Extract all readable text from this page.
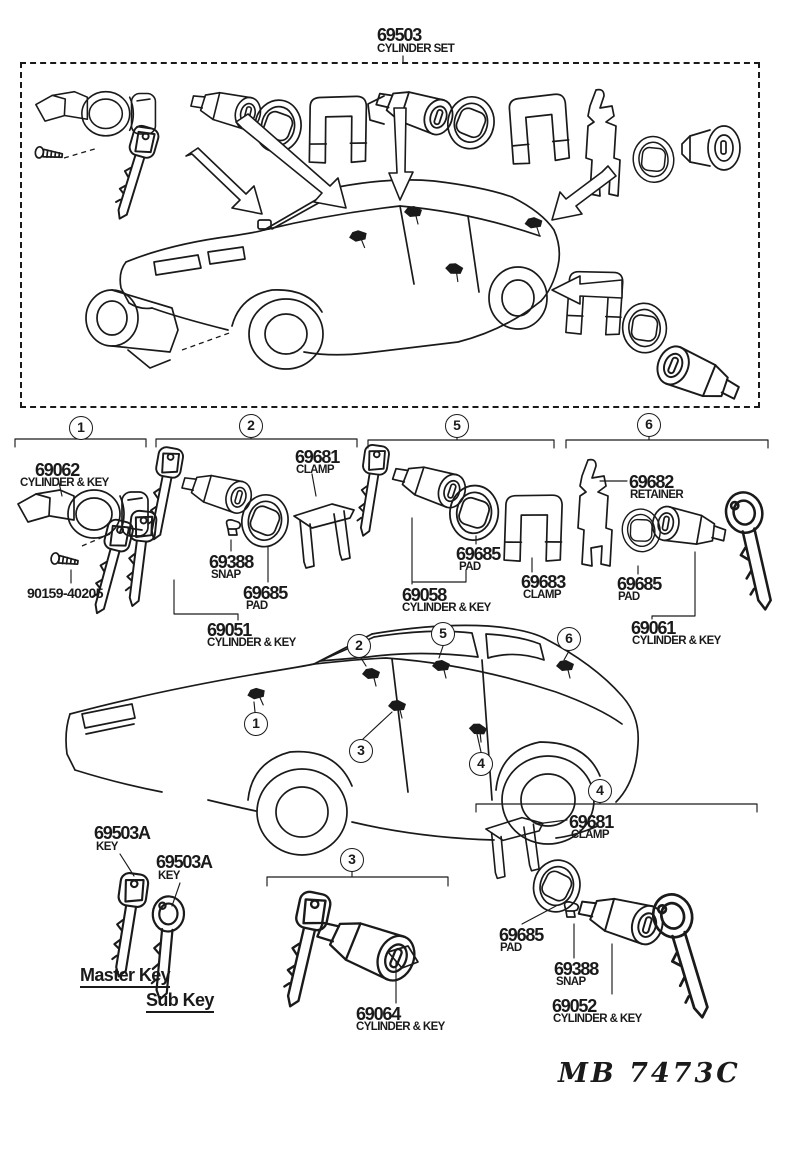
69503
CYLINDER SET
1	2	5	6
3
4
69062
CYLINDER & KEY
90159-40205
69681
CLAMP
69388
SNAP
69685
PAD
69051
CYLINDER & KEY
69685
PAD
69683
CLAMP
69058
CYLINDER & KEY
69682
RETAINER
69685
PAD
69061
CYLINDER & KEY
1
2
3
4
5	6
69503A
KEY
69503A
KEY
Master Key
Sub Key
69064
CYLINDER & KEY
69681
CLAMP
69685
PAD
69388
SNAP
69052
CYLINDER & KEY
MB 7473C
